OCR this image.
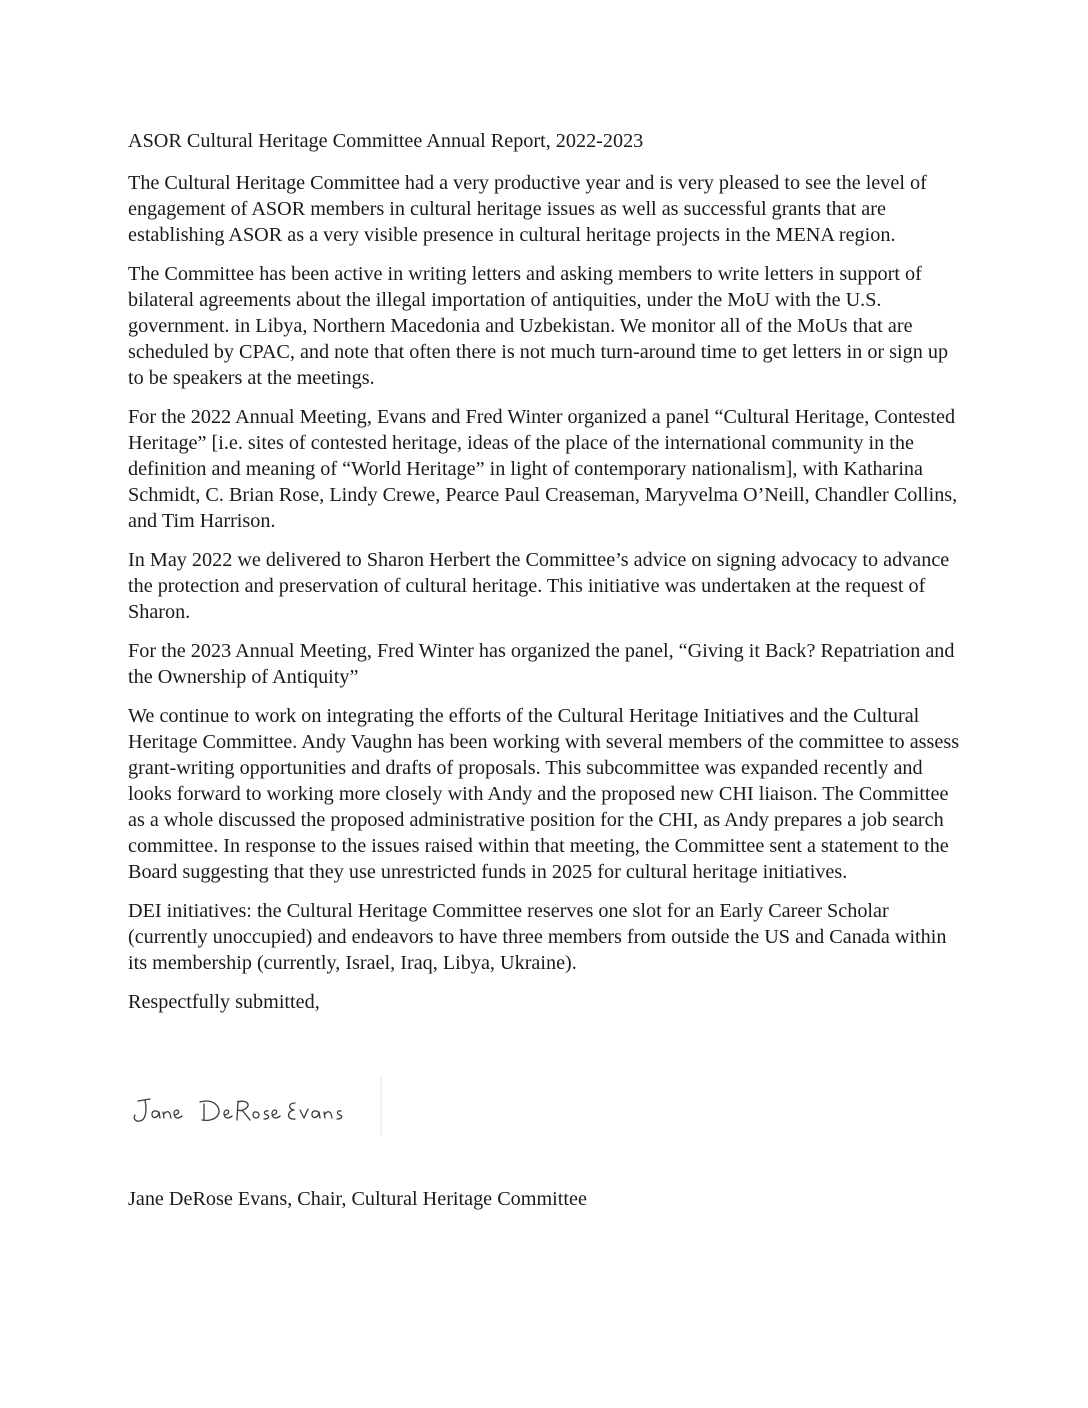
ASOR Cultural Heritage Committee Annual Report, 2022-2023

The Cultural Heritage Committee had a very productive year and is very pleased to see the level of engagement of ASOR members in cultural heritage issues as well as successful grants that are establishing ASOR as a very visible presence in cultural heritage projects in the MENA region.

The Committee has been active in writing letters and asking members to write letters in support of bilateral agreements about the illegal importation of antiquities, under the MoU with the U.S. government. in Libya, Northern Macedonia and Uzbekistan. We monitor all of the MoUs that are scheduled by CPAC, and note that often there is not much turn-around time to get letters in or sign up to be speakers at the meetings.

For the 2022 Annual Meeting, Evans and Fred Winter organized a panel “Cultural Heritage, Contested Heritage” [i.e. sites of contested heritage, ideas of the place of the international community in the definition and meaning of “World Heritage” in light of contemporary nationalism], with Katharina Schmidt, C. Brian Rose, Lindy Crewe, Pearce Paul Creaseman, Maryvelma O’Neill, Chandler Collins, and Tim Harrison.

In May 2022 we delivered to Sharon Herbert the Committee’s advice on signing advocacy to advance the protection and preservation of cultural heritage. This initiative was undertaken at the request of Sharon.

For the 2023 Annual Meeting, Fred Winter has organized the panel, “Giving it Back? Repatriation and the Ownership of Antiquity”

We continue to work on integrating the efforts of the Cultural Heritage Initiatives and the Cultural Heritage Committee. Andy Vaughn has been working with several members of the committee to assess grant-writing opportunities and drafts of proposals. This subcommittee was expanded recently and looks forward to working more closely with Andy and the proposed new CHI liaison. The Committee as a whole discussed the proposed administrative position for the CHI, as Andy prepares a job search committee. In response to the issues raised within that meeting, the Committee sent a statement to the Board suggesting that they use unrestricted funds in 2025 for cultural heritage initiatives.

DEI initiatives: the Cultural Heritage Committee reserves one slot for an Early Career Scholar (currently unoccupied) and endeavors to have three members from outside the US and Canada within its membership (currently, Israel, Iraq, Libya, Ukraine).

Respectfully submitted,

Jane DeRose Evans, Chair, Cultural Heritage Committee
